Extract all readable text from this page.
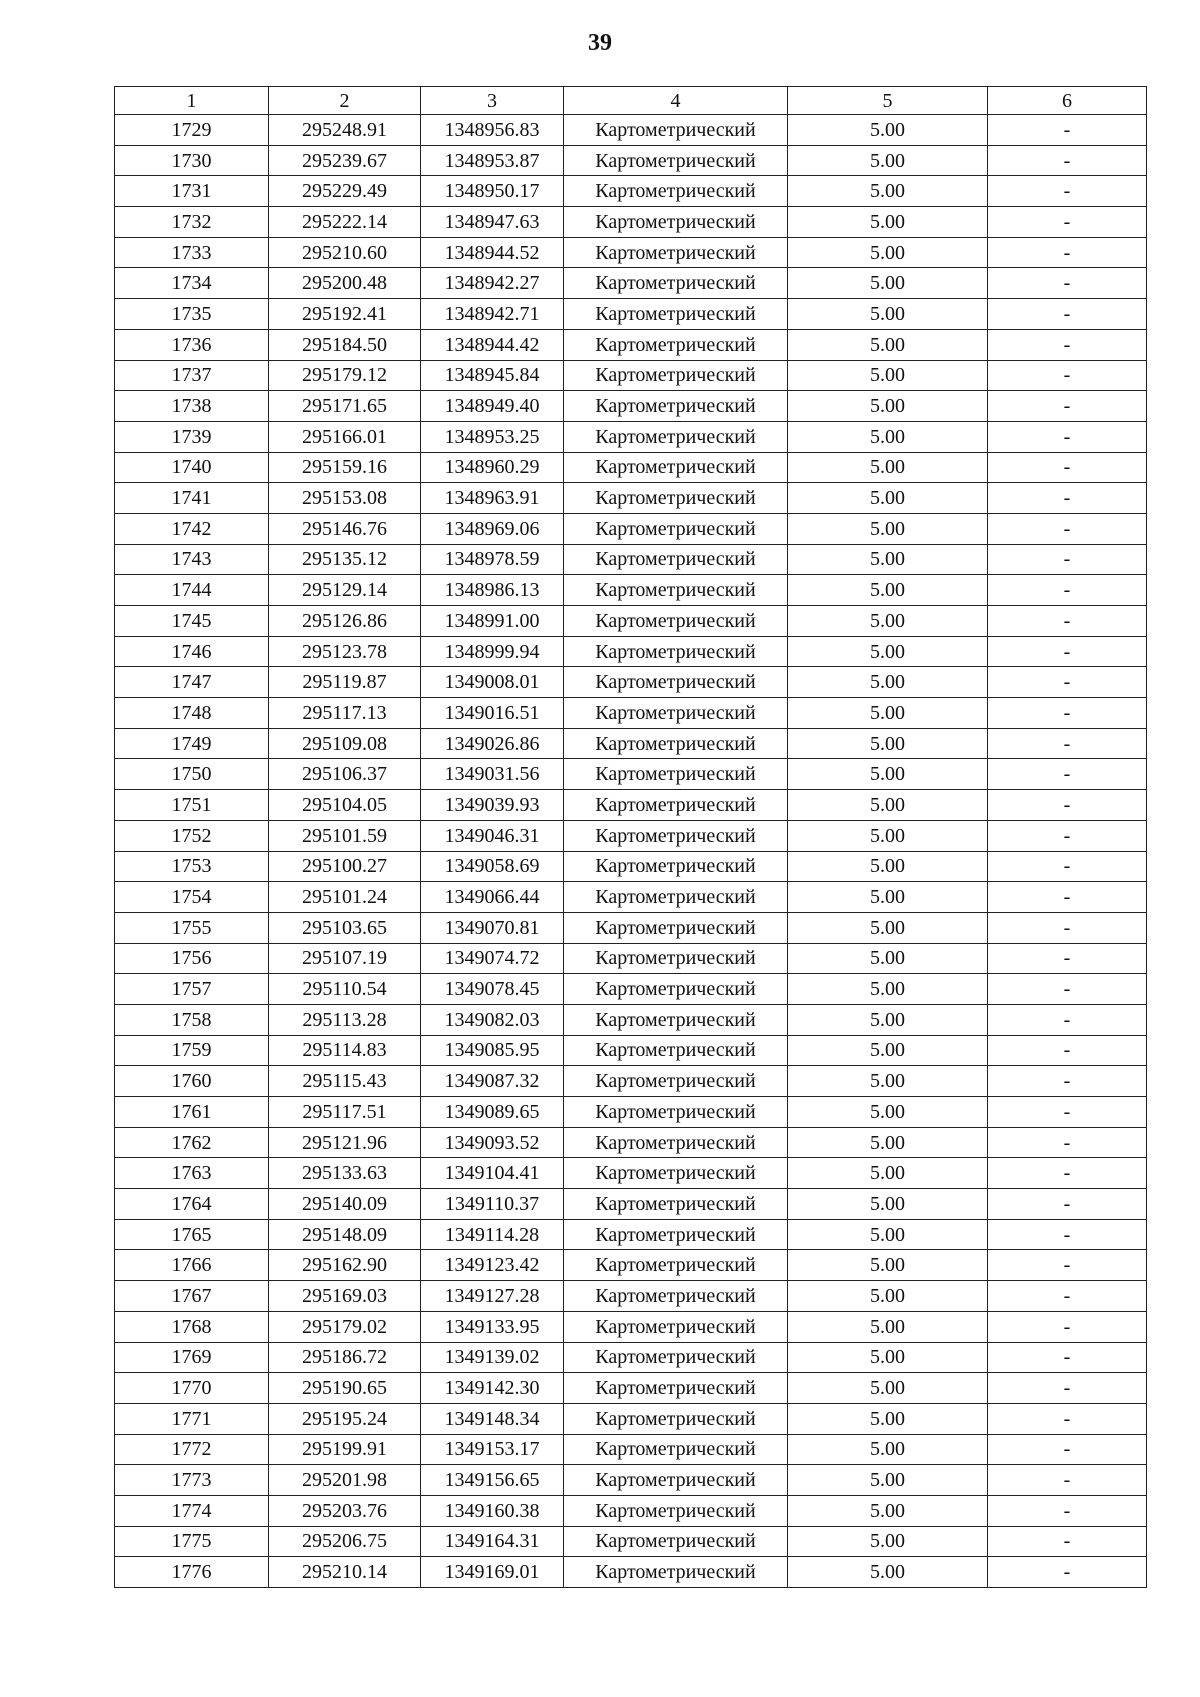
39
1	2	3	4	5	6
1729	295248.91	1348956.83	Картометрический	5.00	-
1730	295239.67	1348953.87	Картометрический	5.00	-
1731	295229.49	1348950.17	Картометрический	5.00	-
1732	295222.14	1348947.63	Картометрический	5.00	-
1733	295210.60	1348944.52	Картометрический	5.00	-
1734	295200.48	1348942.27	Картометрический	5.00	-
1735	295192.41	1348942.71	Картометрический	5.00	-
1736	295184.50	1348944.42	Картометрический	5.00	-
1737	295179.12	1348945.84	Картометрический	5.00	-
1738	295171.65	1348949.40	Картометрический	5.00	-
1739	295166.01	1348953.25	Картометрический	5.00	-
1740	295159.16	1348960.29	Картометрический	5.00	-
1741	295153.08	1348963.91	Картометрический	5.00	-
1742	295146.76	1348969.06	Картометрический	5.00	-
1743	295135.12	1348978.59	Картометрический	5.00	-
1744	295129.14	1348986.13	Картометрический	5.00	-
1745	295126.86	1348991.00	Картометрический	5.00	-
1746	295123.78	1348999.94	Картометрический	5.00	-
1747	295119.87	1349008.01	Картометрический	5.00	-
1748	295117.13	1349016.51	Картометрический	5.00	-
1749	295109.08	1349026.86	Картометрический	5.00	-
1750	295106.37	1349031.56	Картометрический	5.00	-
1751	295104.05	1349039.93	Картометрический	5.00	-
1752	295101.59	1349046.31	Картометрический	5.00	-
1753	295100.27	1349058.69	Картометрический	5.00	-
1754	295101.24	1349066.44	Картометрический	5.00	-
1755	295103.65	1349070.81	Картометрический	5.00	-
1756	295107.19	1349074.72	Картометрический	5.00	-
1757	295110.54	1349078.45	Картометрический	5.00	-
1758	295113.28	1349082.03	Картометрический	5.00	-
1759	295114.83	1349085.95	Картометрический	5.00	-
1760	295115.43	1349087.32	Картометрический	5.00	-
1761	295117.51	1349089.65	Картометрический	5.00	-
1762	295121.96	1349093.52	Картометрический	5.00	-
1763	295133.63	1349104.41	Картометрический	5.00	-
1764	295140.09	1349110.37	Картометрический	5.00	-
1765	295148.09	1349114.28	Картометрический	5.00	-
1766	295162.90	1349123.42	Картометрический	5.00	-
1767	295169.03	1349127.28	Картометрический	5.00	-
1768	295179.02	1349133.95	Картометрический	5.00	-
1769	295186.72	1349139.02	Картометрический	5.00	-
1770	295190.65	1349142.30	Картометрический	5.00	-
1771	295195.24	1349148.34	Картометрический	5.00	-
1772	295199.91	1349153.17	Картометрический	5.00	-
1773	295201.98	1349156.65	Картометрический	5.00	-
1774	295203.76	1349160.38	Картометрический	5.00	-
1775	295206.75	1349164.31	Картометрический	5.00	-
1776	295210.14	1349169.01	Картометрический	5.00	-
